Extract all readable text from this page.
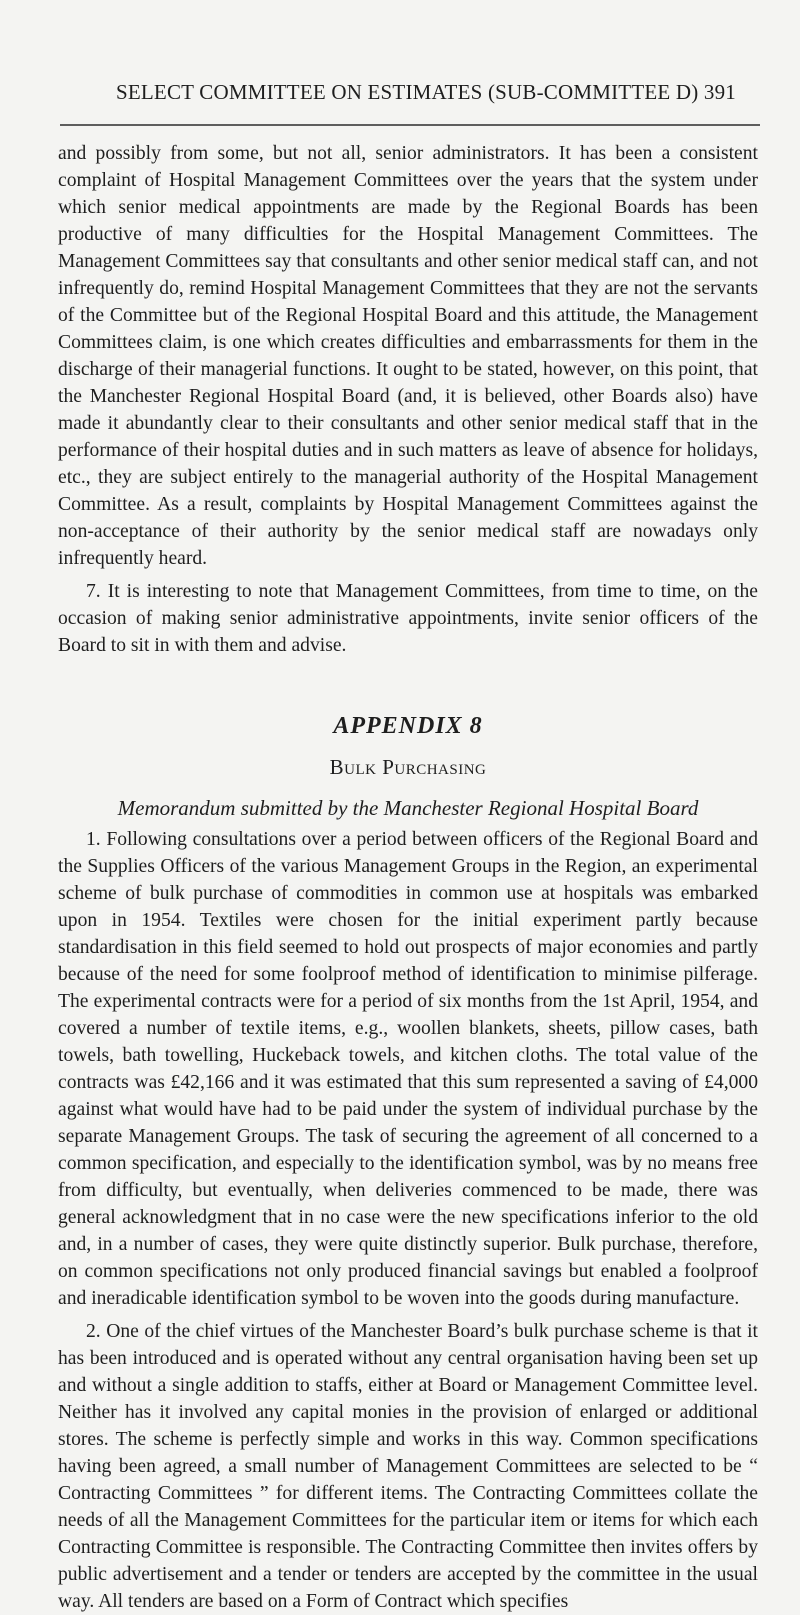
SELECT COMMITTEE ON ESTIMATES (SUB-COMMITTEE D) 391

and possibly from some, but not all, senior administrators. It has been a consistent complaint of Hospital Management Committees over the years that the system under which senior medical appointments are made by the Regional Boards has been productive of many difficulties for the Hospital Management Committees. The Management Committees say that consultants and other senior medical staff can, and not infrequently do, remind Hospital Management Committees that they are not the servants of the Committee but of the Regional Hospital Board and this attitude, the Management Committees claim, is one which creates difficulties and embarrassments for them in the discharge of their managerial functions. It ought to be stated, however, on this point, that the Manchester Regional Hospital Board (and, it is believed, other Boards also) have made it abundantly clear to their consultants and other senior medical staff that in the performance of their hospital duties and in such matters as leave of absence for holidays, etc., they are subject entirely to the managerial authority of the Hospital Management Committee. As a result, complaints by Hospital Management Committees against the non-acceptance of their authority by the senior medical staff are nowadays only infrequently heard.

7. It is interesting to note that Management Committees, from time to time, on the occasion of making senior administrative appointments, invite senior officers of the Board to sit in with them and advise.

APPENDIX 8
Bulk Purchasing
Memorandum submitted by the Manchester Regional Hospital Board

1. Following consultations over a period between officers of the Regional Board and the Supplies Officers of the various Management Groups in the Region, an experimental scheme of bulk purchase of commodities in common use at hospitals was embarked upon in 1954. Textiles were chosen for the initial experiment partly because standardisation in this field seemed to hold out prospects of major economies and partly because of the need for some foolproof method of identification to minimise pilferage. The experimental contracts were for a period of six months from the 1st April, 1954, and covered a number of textile items, e.g., woollen blankets, sheets, pillow cases, bath towels, bath towelling, Huckeback towels, and kitchen cloths. The total value of the contracts was £42,166 and it was estimated that this sum represented a saving of £4,000 against what would have had to be paid under the system of individual purchase by the separate Management Groups. The task of securing the agreement of all concerned to a common specification, and especially to the identification symbol, was by no means free from difficulty, but eventually, when deliveries commenced to be made, there was general acknowledgment that in no case were the new specifications inferior to the old and, in a number of cases, they were quite distinctly superior. Bulk purchase, therefore, on common specifications not only produced financial savings but enabled a foolproof and ineradicable identification symbol to be woven into the goods during manufacture.

2. One of the chief virtues of the Manchester Board’s bulk purchase scheme is that it has been introduced and is operated without any central organisation having been set up and without a single addition to staffs, either at Board or Management Committee level. Neither has it involved any capital monies in the provision of enlarged or additional stores. The scheme is perfectly simple and works in this way. Common specifications having been agreed, a small number of Management Committees are selected to be “ Contracting Committees ” for different items. The Contracting Committees collate the needs of all the Management Committees for the particular item or items for which each Contracting Committee is responsible. The Contracting Committee then invites offers by public advertisement and a tender or tenders are accepted by the committee in the usual way. All tenders are based on a Form of Contract which specifies
